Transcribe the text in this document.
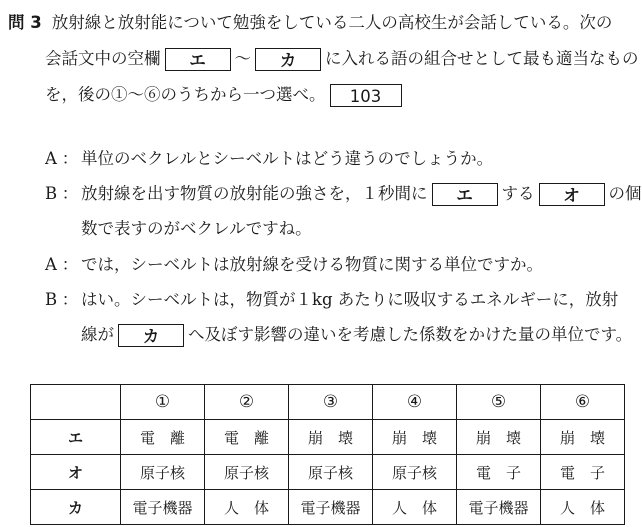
問 3 放射線と放射能について勉強をしている二人の高校生が会話している。次の
会話文中の空欄 エ ～ カ に入れる語の組合せとして最も適当なもの
を，後の①～⑥のうちから一つ選べ。 103
A ： 単位のベクレルとシーベルトはどう違うのでしょうか。
B ： 放射線を出す物質の放射能の強さを，１秒間に エ する オ の個
数で表すのがベクレルですね。
A ： では，シーベルトは放射線を受ける物質に関する単位ですか。
B ： はい。シーベルトは，物質が１kg あたりに吸収するエネルギーに，放射
線が カ へ及ぼす影響の違いを考慮した係数をかけた量の単位です。
	①	②	③	④	⑤	⑥
エ	電　離	電　離	崩　壊	崩　壊	崩　壊	崩　壊
オ	原子核	原子核	原子核	原子核	電　子	電　子
カ	電子機器	人　体	電子機器	人　体	電子機器	人　体
